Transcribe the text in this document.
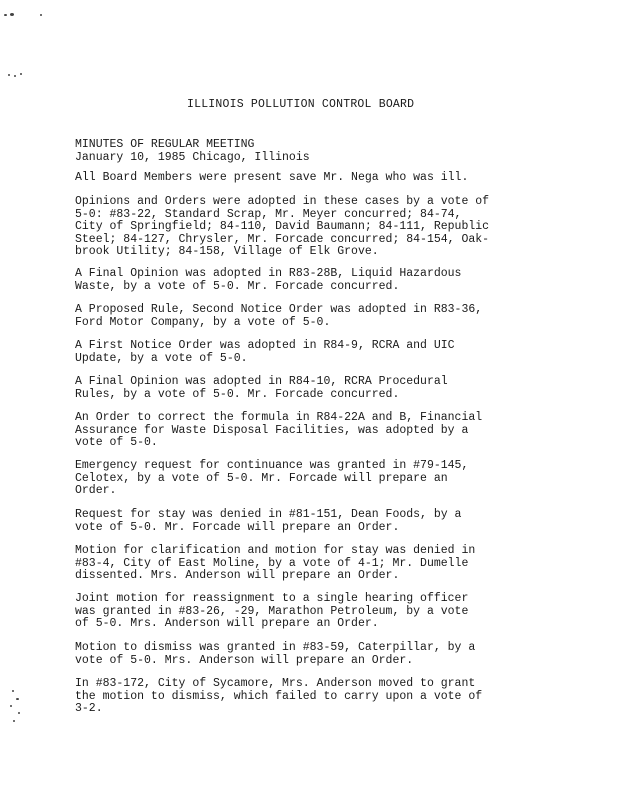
ILLINOIS POLLUTION CONTROL BOARD
MINUTES OF REGULAR MEETING
January 10, 1985 Chicago, Illinois
All Board Members were present save Mr. Nega who was ill.
Opinions and Orders were adopted in these cases by a vote of
5-0: #83-22, Standard Scrap, Mr. Meyer concurred; 84-74,
City of Springfield; 84-110, David Baumann; 84-111, Republic
Steel; 84-127, Chrysler, Mr. Forcade concurred; 84-154, Oak-
brook Utility; 84-158, Village of Elk Grove.
A Final Opinion was adopted in R83-28B, Liquid Hazardous
Waste, by a vote of 5-0. Mr. Forcade concurred.
A Proposed Rule, Second Notice Order was adopted in R83-36,
Ford Motor Company, by a vote of 5-0.
A First Notice Order was adopted in R84-9, RCRA and UIC
Update, by a vote of 5-0.
A Final Opinion was adopted in R84-10, RCRA Procedural
Rules, by a vote of 5-0. Mr. Forcade concurred.
An Order to correct the formula in R84-22A and B, Financial
Assurance for Waste Disposal Facilities, was adopted by a
vote of 5-0.
Emergency request for continuance was granted in #79-145,
Celotex, by a vote of 5-0. Mr. Forcade will prepare an
Order.
Request for stay was denied in #81-151, Dean Foods, by a
vote of 5-0. Mr. Forcade will prepare an Order.
Motion for clarification and motion for stay was denied in
#83-4, City of East Moline, by a vote of 4-1; Mr. Dumelle
dissented. Mrs. Anderson will prepare an Order.
Joint motion for reassignment to a single hearing officer
was granted in #83-26, -29, Marathon Petroleum, by a vote
of 5-0. Mrs. Anderson will prepare an Order.
Motion to dismiss was granted in #83-59, Caterpillar, by a
vote of 5-0. Mrs. Anderson will prepare an Order.
In #83-172, City of Sycamore, Mrs. Anderson moved to grant
the motion to dismiss, which failed to carry upon a vote of
3-2.
